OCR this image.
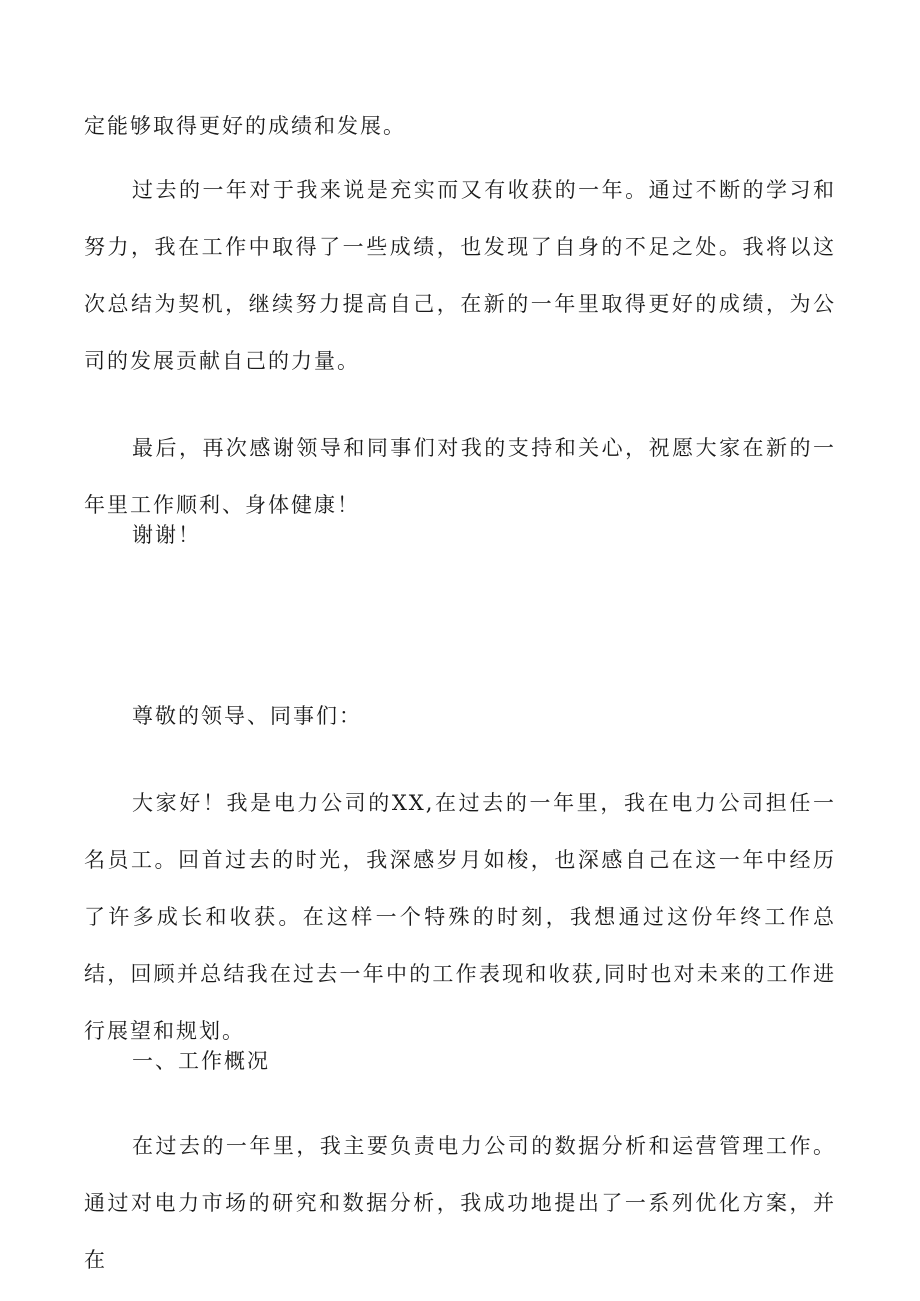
定能够取得更好的成绩和发展。

过去的一年对于我来说是充实而又有收获的一年。通过不断的学习和努力，我在工作中取得了一些成绩，也发现了自身的不足之处。我将以这次总结为契机，继续努力提高自己，在新的一年里取得更好的成绩，为公司的发展贡献自己的力量。

最后，再次感谢领导和同事们对我的支持和关心，祝愿大家在新的一年里工作顺利、身体健康！

谢谢！

尊敬的领导、同事们：

大家好！我是电力公司的XX,在过去的一年里，我在电力公司担任一名员工。回首过去的时光，我深感岁月如梭，也深感自己在这一年中经历了许多成长和收获。在这样一个特殊的时刻，我想通过这份年终工作总结，回顾并总结我在过去一年中的工作表现和收获,同时也对未来的工作进行展望和规划。

一、工作概况

在过去的一年里，我主要负责电力公司的数据分析和运营管理工作。通过对电力市场的研究和数据分析，我成功地提出了一系列优化方案，并在
